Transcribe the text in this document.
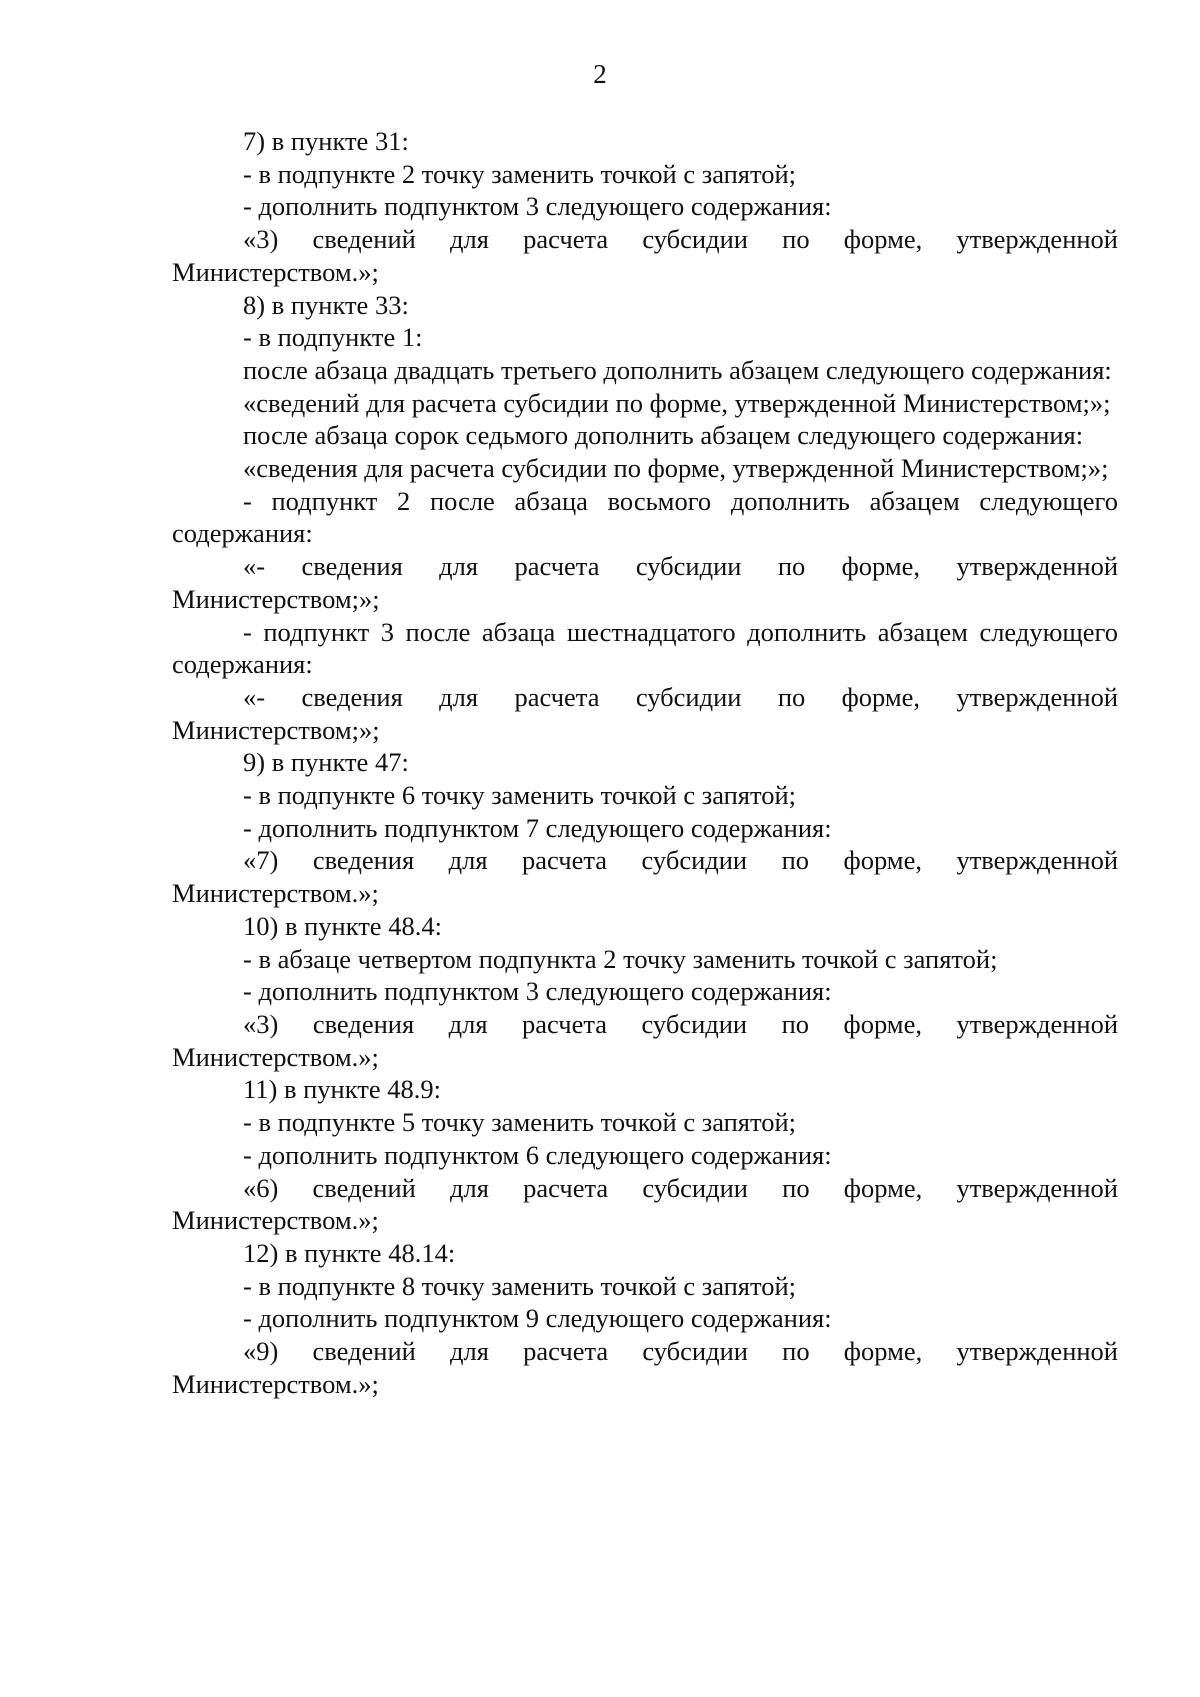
2

7) в пункте 31:

- в подпункте 2 точку заменить точкой с запятой;

- дополнить подпунктом 3 следующего содержания:

«3) сведений для расчета субсидии по форме, утвержденной Министерством.»;

8) в пункте 33:

- в подпункте 1:

после абзаца двадцать третьего дополнить абзацем следующего содержания:

«сведений для расчета субсидии по форме, утвержденной Министерством;»;

после абзаца сорок седьмого дополнить абзацем следующего содержания:

«сведения для расчета субсидии по форме, утвержденной Министерством;»;

- подпункт 2 после абзаца восьмого дополнить абзацем следующего содержания:

«- сведения для расчета субсидии по форме, утвержденной Министерством;»;

- подпункт 3 после абзаца шестнадцатого дополнить абзацем следующего содержания:

«- сведения для расчета субсидии по форме, утвержденной Министерством;»;

9) в пункте 47:

- в подпункте 6 точку заменить точкой с запятой;

- дополнить подпунктом 7 следующего содержания:

«7) сведения для расчета субсидии по форме, утвержденной Министерством.»;

10) в пункте 48.4:

- в абзаце четвертом подпункта 2 точку заменить точкой с запятой;

- дополнить подпунктом 3 следующего содержания:

«3) сведения для расчета субсидии по форме, утвержденной Министерством.»;

11) в пункте 48.9:

- в подпункте 5 точку заменить точкой с запятой;

- дополнить подпунктом 6 следующего содержания:

«6) сведений для расчета субсидии по форме, утвержденной Министерством.»;

12) в пункте 48.14:

- в подпункте 8 точку заменить точкой с запятой;

- дополнить подпунктом 9 следующего содержания:

«9) сведений для расчета субсидии по форме, утвержденной Министерством.»;
